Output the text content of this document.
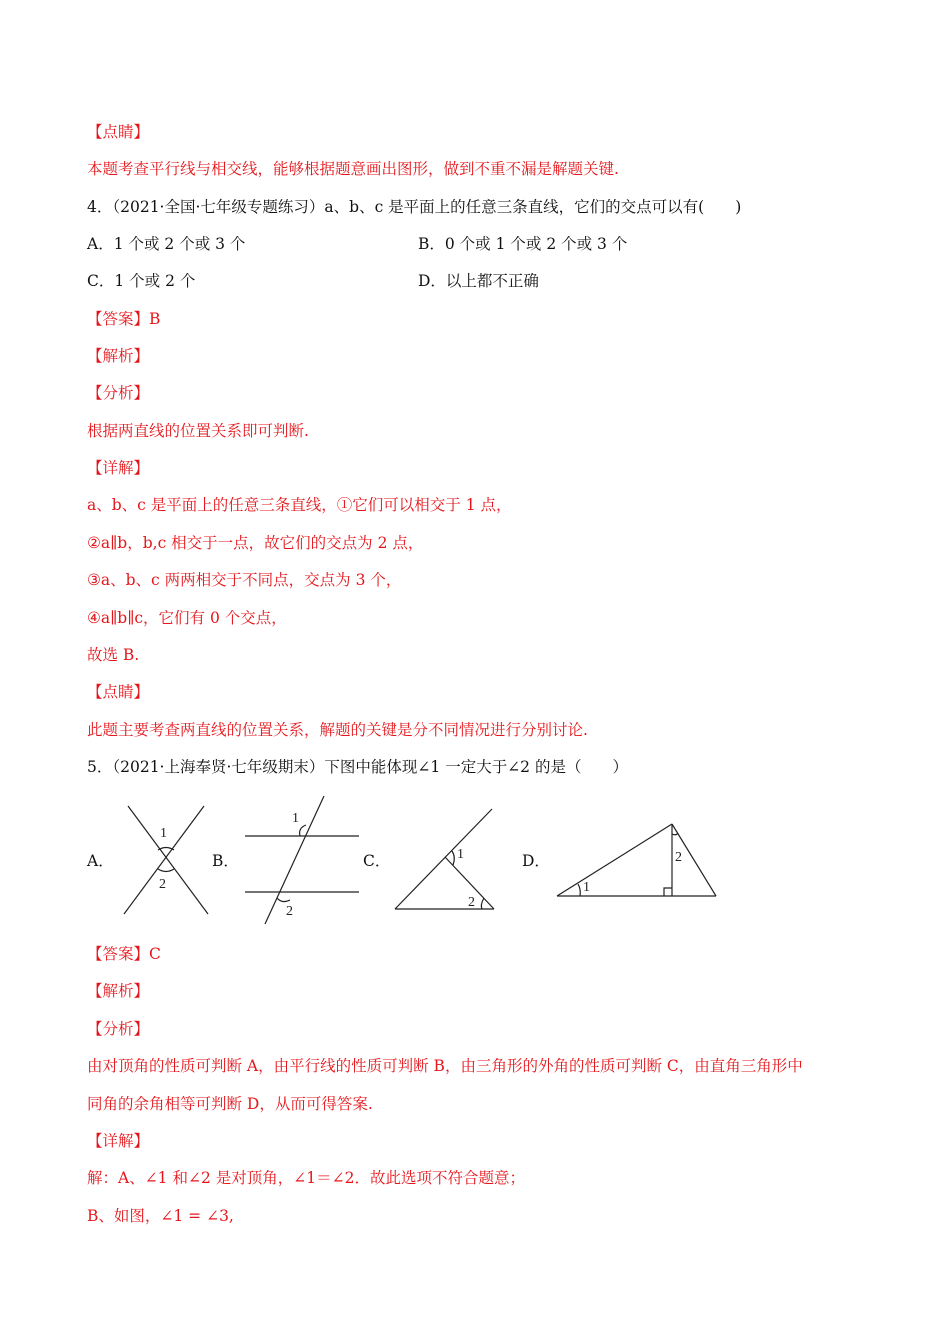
【点睛】
本题考查平行线与相交线，能够根据题意画出图形，做到不重不漏是解题关键.
4．（2021·全国·七年级专题练习）a、b、c 是平面上的任意三条直线，它们的交点可以有(　　)
A．1 个或 2 个或 3 个	B．0 个或 1 个或 2 个或 3 个
C．1 个或 2 个	D．以上都不正确
【答案】B
【解析】
【分析】
根据两直线的位置关系即可判断.
【详解】
a、b、c 是平面上的任意三条直线，①它们可以相交于 1 点，
②a∥b，b,c 相交于一点，故它们的交点为 2 点，
③a、b、c 两两相交于不同点，交点为 3 个，
④a∥b∥c，它们有 0 个交点，
故选 B.
【点睛】
此题主要考查两直线的位置关系，解题的关键是分不同情况进行分别讨论.
5．（2021·上海奉贤·七年级期末）下图中能体现∠1 一定大于∠2 的是（　　）
A．	B．	C．	D．
1
2
1
2
1
2
1
2
【答案】C
【解析】
【分析】
由对顶角的性质可判断 A，由平行线的性质可判断 B，由三角形的外角的性质可判断 C，由直角三角形中
同角的余角相等可判断 D，从而可得答案.
【详解】
解：A、∠1 和∠2 是对顶角，∠1＝∠2．故此选项不符合题意；
B、如图，∠1 = ∠3,
